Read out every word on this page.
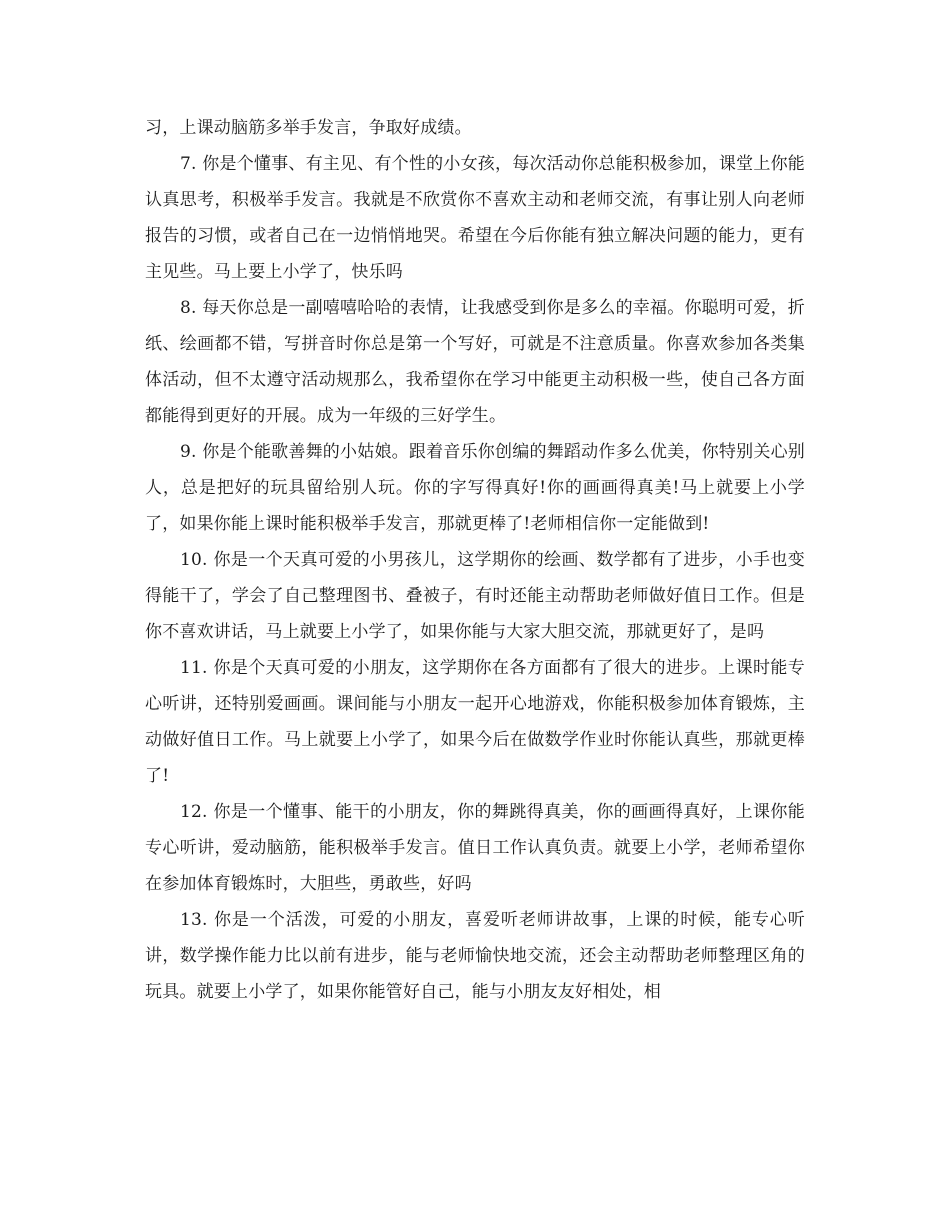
习，上课动脑筋多举手发言，争取好成绩。

7. 你是个懂事、有主见、有个性的小女孩，每次活动你总能积极参加，课堂上你能认真思考，积极举手发言。我就是不欣赏你不喜欢主动和老师交流，有事让别人向老师报告的习惯，或者自己在一边悄悄地哭。希望在今后你能有独立解决问题的能力，更有主见些。马上要上小学了，快乐吗

8. 每天你总是一副嘻嘻哈哈的表情，让我感受到你是多么的幸福。你聪明可爱，折纸、绘画都不错，写拼音时你总是第一个写好，可就是不注意质量。你喜欢参加各类集体活动，但不太遵守活动规那么，我希望你在学习中能更主动积极一些，使自己各方面都能得到更好的开展。成为一年级的三好学生。

9. 你是个能歌善舞的小姑娘。跟着音乐你创编的舞蹈动作多么优美，你特别关心别人，总是把好的玩具留给别人玩。你的字写得真好!你的画画得真美!马上就要上小学了，如果你能上课时能积极举手发言，那就更棒了!老师相信你一定能做到!

10. 你是一个天真可爱的小男孩儿，这学期你的绘画、数学都有了进步，小手也变得能干了，学会了自己整理图书、叠被子，有时还能主动帮助老师做好值日工作。但是你不喜欢讲话，马上就要上小学了，如果你能与大家大胆交流，那就更好了，是吗

11. 你是个天真可爱的小朋友，这学期你在各方面都有了很大的进步。上课时能专心听讲，还特别爱画画。课间能与小朋友一起开心地游戏，你能积极参加体育锻炼，主动做好值日工作。马上就要上小学了，如果今后在做数学作业时你能认真些，那就更棒了!

12. 你是一个懂事、能干的小朋友，你的舞跳得真美，你的画画得真好，上课你能专心听讲，爱动脑筋，能积极举手发言。值日工作认真负责。就要上小学，老师希望你在参加体育锻炼时，大胆些，勇敢些，好吗

13. 你是一个活泼，可爱的小朋友，喜爱听老师讲故事，上课的时候，能专心听讲，数学操作能力比以前有进步，能与老师愉快地交流，还会主动帮助老师整理区角的玩具。就要上小学了，如果你能管好自己，能与小朋友友好相处，相
